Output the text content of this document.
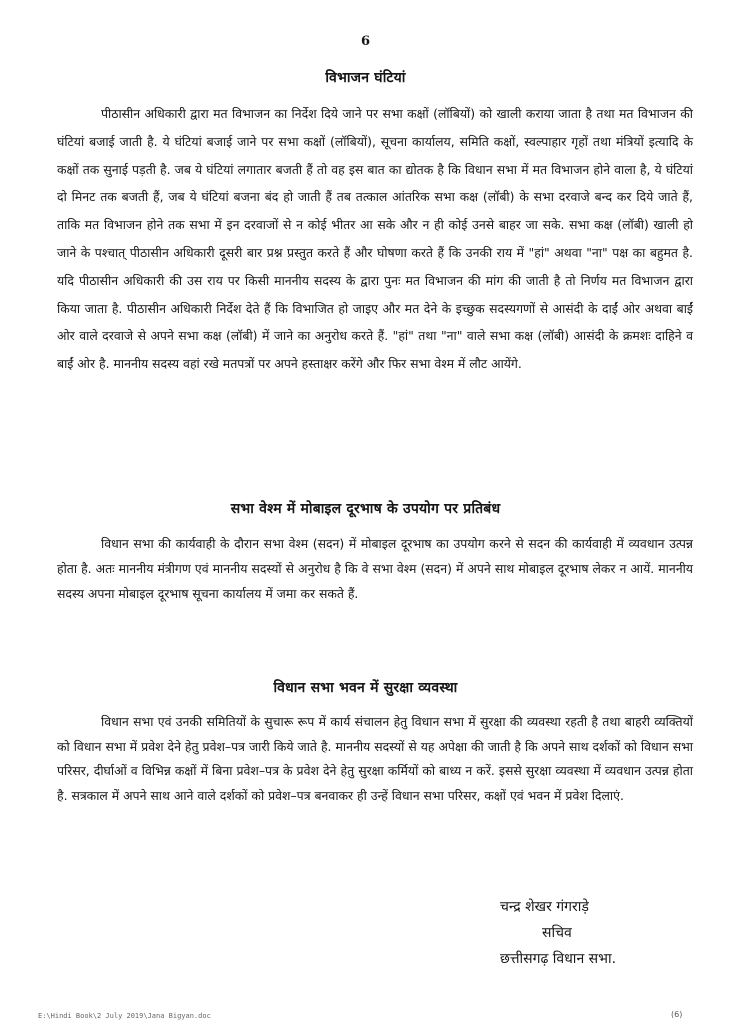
6
विभाजन घंटियां

पीठासीन अधिकारी द्वारा मत विभाजन का निर्देश दिये जाने पर सभा कक्षों (लॉबियों) को खाली कराया जाता है तथा मत विभाजन की घंटियां बजाई जाती है. ये घंटियां बजाई जाने पर सभा कक्षों (लॉबियों), सूचना कार्यालय, समिति कक्षों, स्वल्पाहार गृहों तथा मंत्रियों इत्यादि के कक्षों तक सुनाई पड़ती है. जब ये घंटियां लगातार बजती हैं तो वह इस बात का द्योतक है कि विधान सभा में मत विभाजन होने वाला है, ये घंटियां दो मिनट तक बजती हैं, जब ये घंटियां बजना बंद हो जाती हैं तब तत्काल आंतरिक सभा कक्ष (लॉबी) के सभा दरवाजे बन्द कर दिये जाते हैं, ताकि मत विभाजन होने तक सभा में इन दरवाजों से न कोई भीतर आ सके और न ही कोई उनसे बाहर जा सके. सभा कक्ष (लॉबी) खाली हो जाने के पश्चात् पीठासीन अधिकारी दूसरी बार प्रश्न प्रस्तुत करते हैं और घोषणा करते हैं कि उनकी राय में "हां" अथवा "ना" पक्ष का बहुमत है. यदि पीठासीन अधिकारी की उस राय पर किसी माननीय सदस्य के द्वारा पुनः मत विभाजन की मांग की जाती है तो निर्णय मत विभाजन द्वारा किया जाता है. पीठासीन अधिकारी निर्देश देते हैं कि विभाजित हो जाइए और मत देने के इच्छुक सदस्यगणों से आसंदी के दाईं ओर अथवा बाईं ओर वाले दरवाजे से अपने सभा कक्ष (लॉबी) में जाने का अनुरोध करते हैं. "हां" तथा "ना" वाले सभा कक्ष (लॉबी) आसंदी के क्रमशः दाहिने व बाईं ओर है. माननीय सदस्य वहां रखे मतपत्रों पर अपने हस्ताक्षर करेंगे और फिर सभा वेश्म में लौट आयेंगे.

सभा वेश्म में मोबाइल दूरभाष के उपयोग पर प्रतिबंध

विधान सभा की कार्यवाही के दौरान सभा वेश्म (सदन) में मोबाइल दूरभाष का उपयोग करने से सदन की कार्यवाही में व्यवधान उत्पन्न होता है. अतः माननीय मंत्रीगण एवं माननीय सदस्यों से अनुरोध है कि वे सभा वेश्म (सदन) में अपने साथ मोबाइल दूरभाष लेकर न आयें. माननीय सदस्य अपना मोबाइल दूरभाष सूचना कार्यालय में जमा कर सकते हैं.

विधान सभा भवन में सुरक्षा व्यवस्था

विधान सभा एवं उनकी समितियों के सुचारू रूप में कार्य संचालन हेतु विधान सभा में सुरक्षा की व्यवस्था रहती है तथा बाहरी व्यक्तियों को विधान सभा में प्रवेश देने हेतु प्रवेश–पत्र जारी किये जाते है. माननीय सदस्यों से यह अपेक्षा की जाती है कि अपने साथ दर्शकों को विधान सभा परिसर, दीर्घाओं व विभिन्न कक्षों में बिना प्रवेश–पत्र के प्रवेश देने हेतु सुरक्षा कर्मियों को बाध्य न करें. इससे सुरक्षा व्यवस्था में व्यवधान उत्पन्न होता है. सत्रकाल में अपने साथ आने वाले दर्शकों को प्रवेश–पत्र बनवाकर ही उन्हें विधान सभा परिसर, कक्षों एवं भवन में प्रवेश दिलाएं.

चन्द्र शेखर गंगराड़े
सचिव
छत्तीसगढ़ विधान सभा.
E:\Hindi Book\2 July 2019\Jana Bigyan.doc	(6)
